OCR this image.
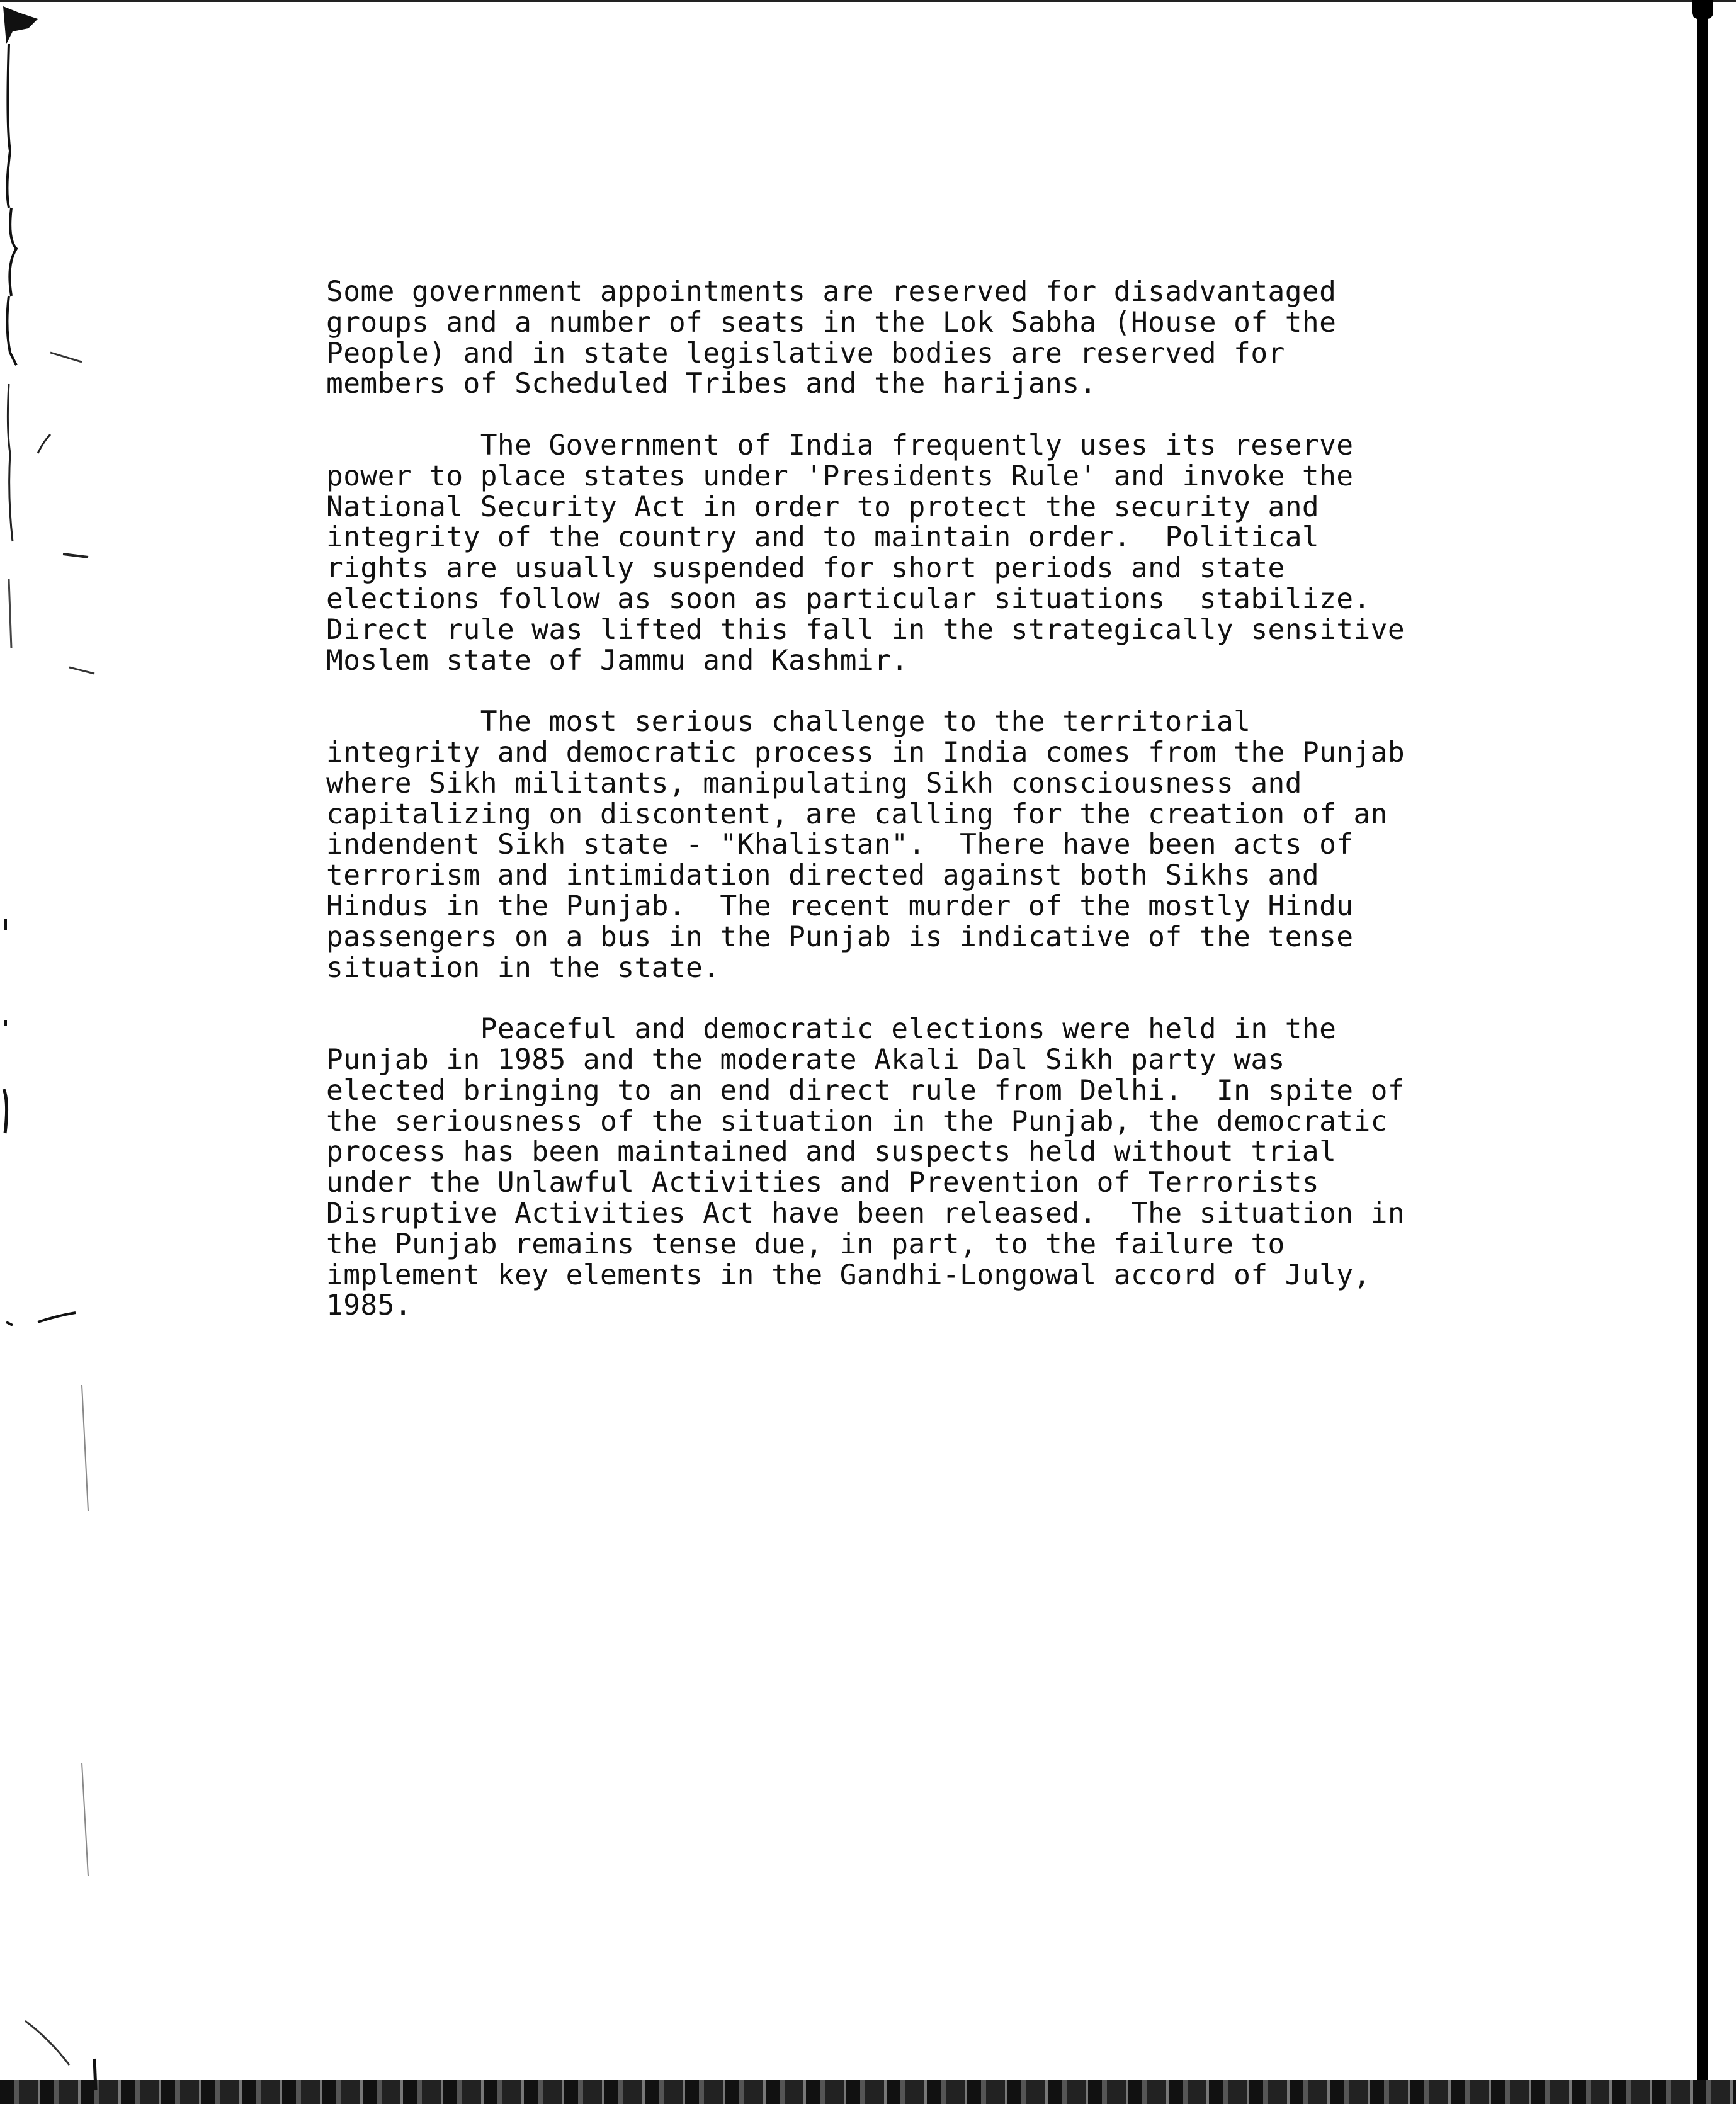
Some government appointments are reserved for disadvantaged
groups and a number of seats in the Lok Sabha (House of the
People) and in state legislative bodies are reserved for
members of Scheduled Tribes and the harijans.
The Government of India frequently uses its reserve
power to place states under 'Presidents Rule' and invoke the
National Security Act in order to protect the security and
integrity of the country and to maintain order.  Political
rights are usually suspended for short periods and state
elections follow as soon as particular situations  stabilize.
Direct rule was lifted this fall in the strategically sensitive
Moslem state of Jammu and Kashmir.
The most serious challenge to the territorial
integrity and democratic process in India comes from the Punjab
where Sikh militants, manipulating Sikh consciousness and
capitalizing on discontent, are calling for the creation of an
indendent Sikh state - "Khalistan".  There have been acts of
terrorism and intimidation directed against both Sikhs and
Hindus in the Punjab.  The recent murder of the mostly Hindu
passengers on a bus in the Punjab is indicative of the tense
situation in the state.
Peaceful and democratic elections were held in the
Punjab in 1985 and the moderate Akali Dal Sikh party was
elected bringing to an end direct rule from Delhi.  In spite of
the seriousness of the situation in the Punjab, the democratic
process has been maintained and suspects held without trial
under the Unlawful Activities and Prevention of Terrorists
Disruptive Activities Act have been released.  The situation in
the Punjab remains tense due, in part, to the failure to
implement key elements in the Gandhi-Longowal accord of July,
1985.
